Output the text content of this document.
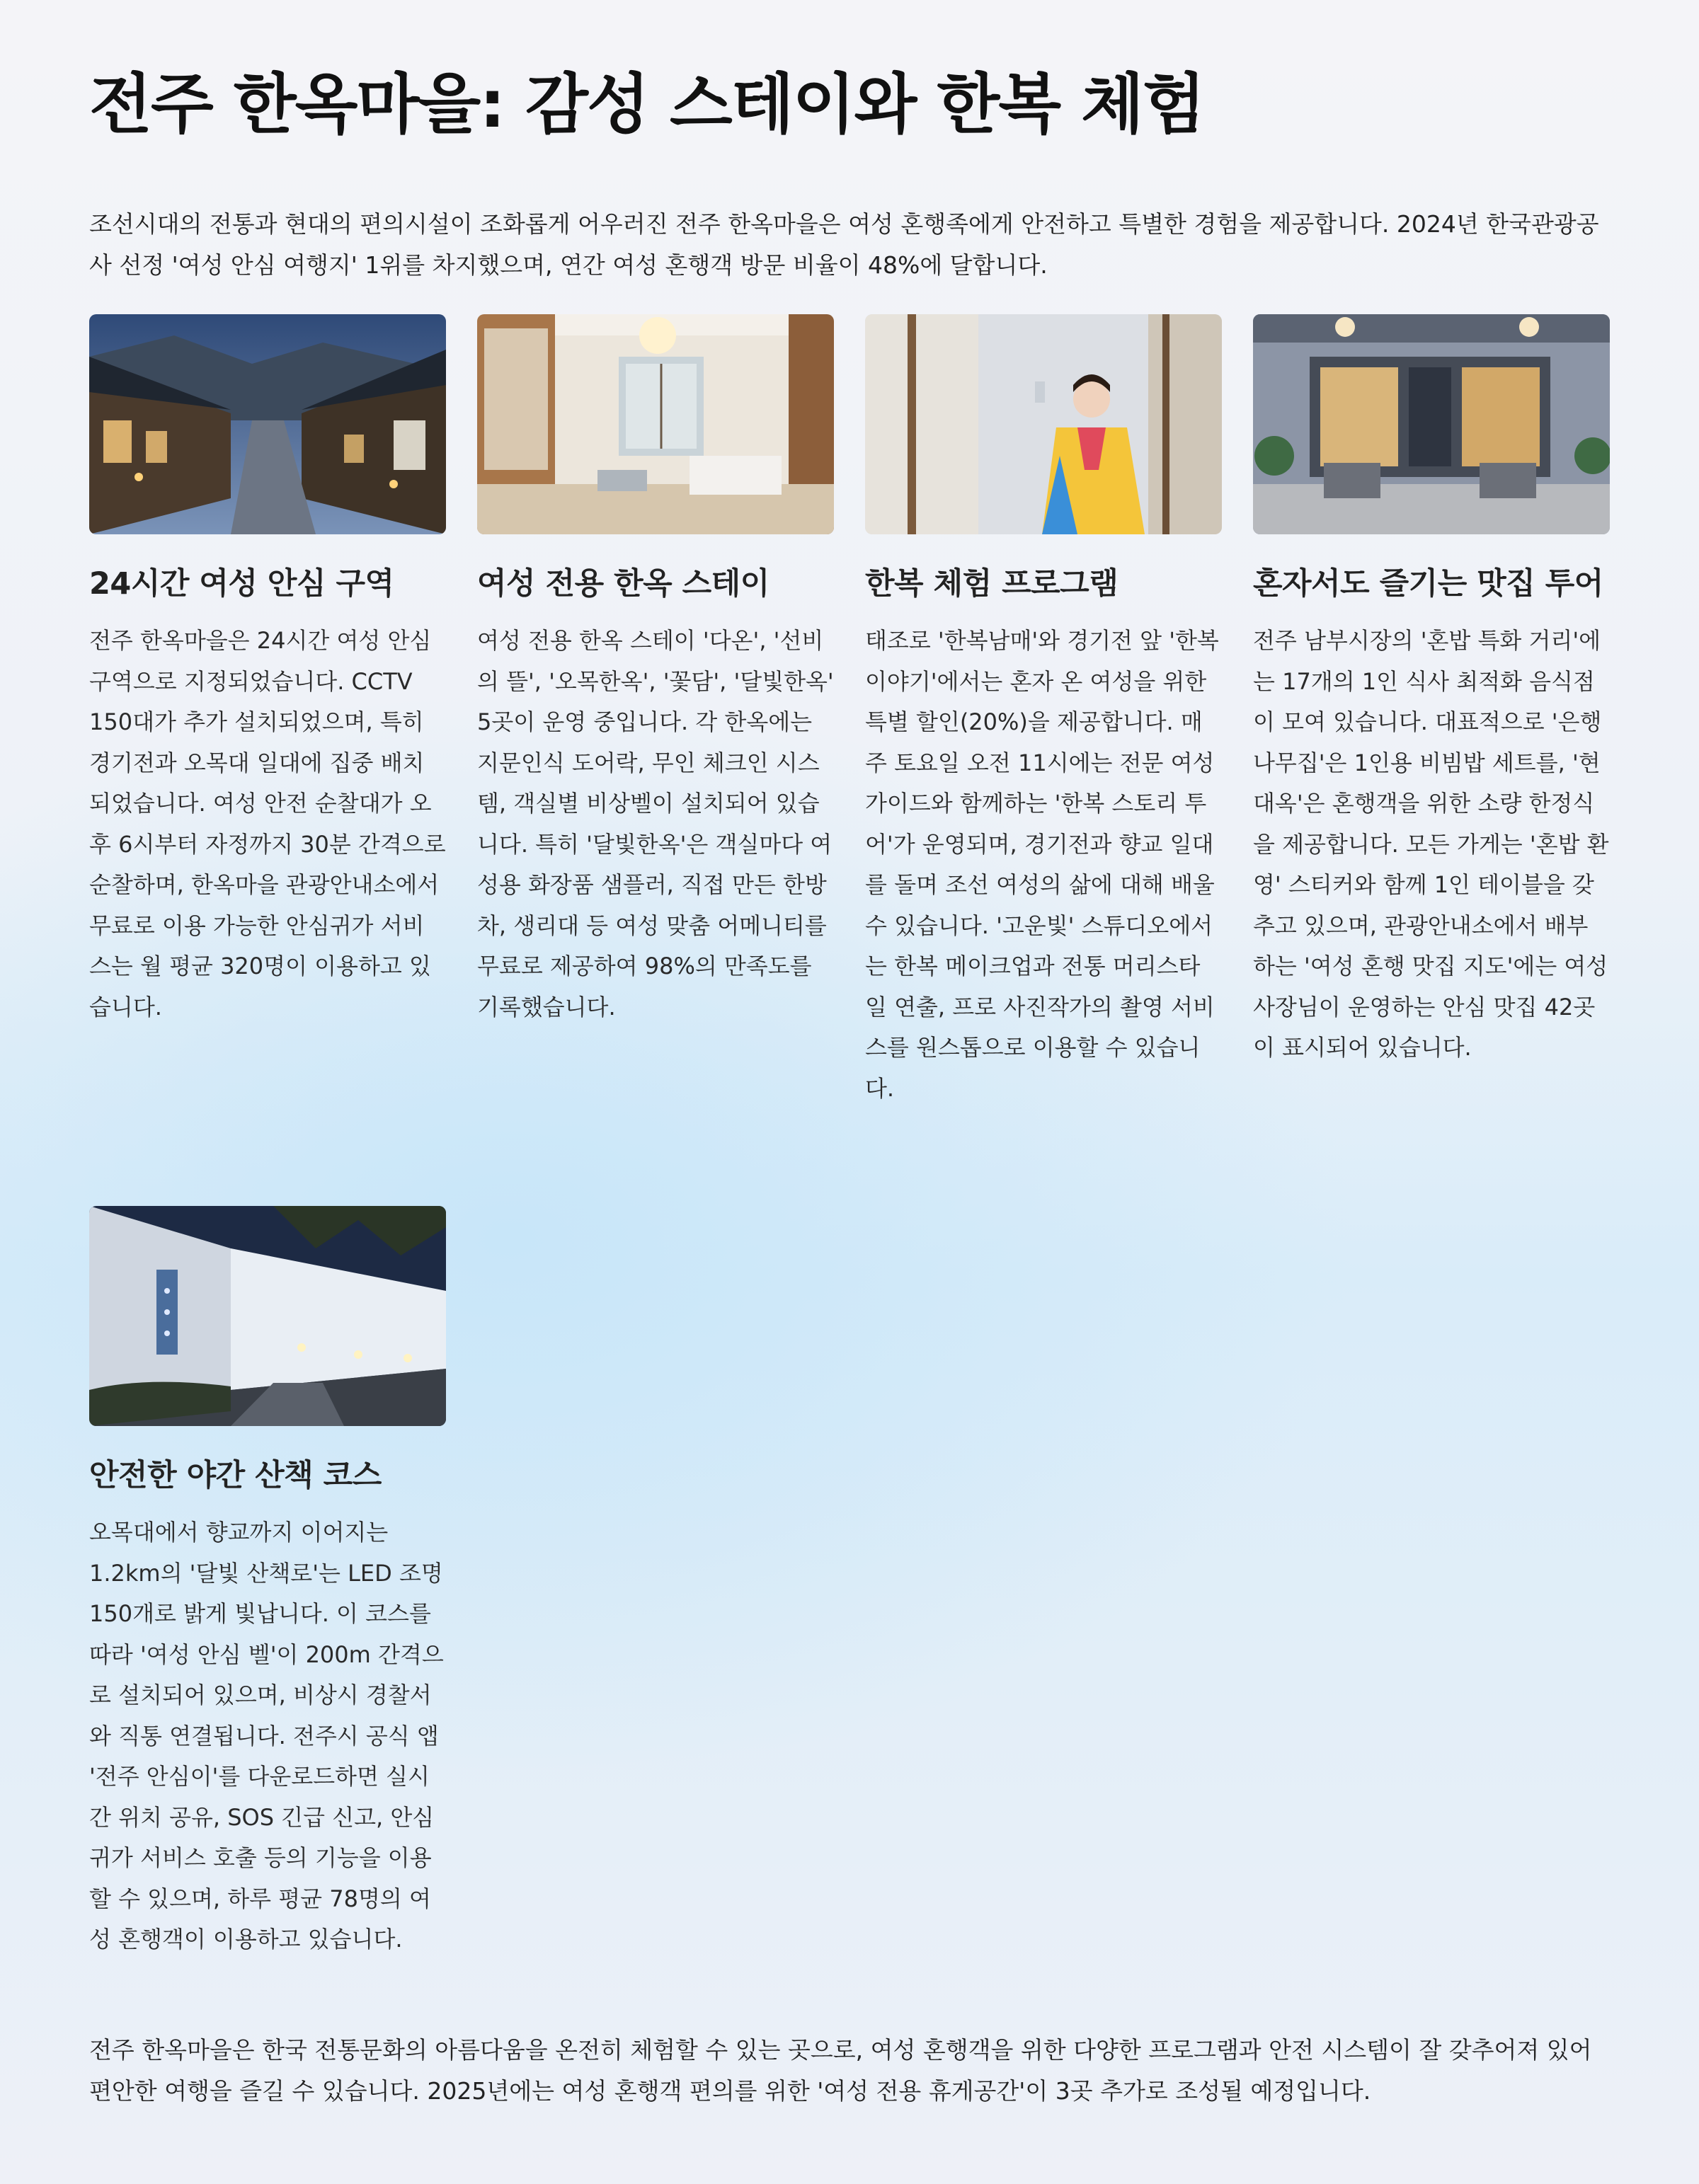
전주 한옥마을: 감성 스테이와 한복 체험

조선시대의 전통과 현대의 편의시설이 조화롭게 어우러진 전주 한옥마을은 여성 혼행족에게 안전하고 특별한 경험을 제공합니다. 2024년 한국관광공사 선정 '여성 안심 여행지' 1위를 차지했으며, 연간 여성 혼행객 방문 비율이 48%에 달합니다.

24시간 여성 안심 구역

전주 한옥마을은 24시간 여성 안심 구역으로 지정되었습니다. CCTV 150대가 추가 설치되었으며, 특히 경기전과 오목대 일대에 집중 배치되었습니다. 여성 안전 순찰대가 오후 6시부터 자정까지 30분 간격으로 순찰하며, 한옥마을 관광안내소에서 무료로 이용 가능한 안심귀가 서비스는 월 평균 320명이 이용하고 있습니다.

여성 전용 한옥 스테이

여성 전용 한옥 스테이 '다온', '선비의 뜰', '오목한옥', '꽃담', '달빛한옥' 5곳이 운영 중입니다. 각 한옥에는 지문인식 도어락, 무인 체크인 시스템, 객실별 비상벨이 설치되어 있습니다. 특히 '달빛한옥'은 객실마다 여성용 화장품 샘플러, 직접 만든 한방 차, 생리대 등 여성 맞춤 어메니티를 무료로 제공하여 98%의 만족도를 기록했습니다.

한복 체험 프로그램

태조로 '한복남매'와 경기전 앞 '한복이야기'에서는 혼자 온 여성을 위한 특별 할인(20%)을 제공합니다. 매주 토요일 오전 11시에는 전문 여성 가이드와 함께하는 '한복 스토리 투어'가 운영되며, 경기전과 향교 일대를 돌며 조선 여성의 삶에 대해 배울 수 있습니다. '고운빛' 스튜디오에서는 한복 메이크업과 전통 머리스타일 연출, 프로 사진작가의 촬영 서비스를 원스톱으로 이용할 수 있습니다.

혼자서도 즐기는 맛집 투어

전주 남부시장의 '혼밥 특화 거리'에는 17개의 1인 식사 최적화 음식점이 모여 있습니다. 대표적으로 '은행나무집'은 1인용 비빔밥 세트를, '현대옥'은 혼행객을 위한 소량 한정식을 제공합니다. 모든 가게는 '혼밥 환영' 스티커와 함께 1인 테이블을 갖추고 있으며, 관광안내소에서 배부하는 '여성 혼행 맛집 지도'에는 여성 사장님이 운영하는 안심 맛집 42곳이 표시되어 있습니다.

안전한 야간 산책 코스

오목대에서 향교까지 이어지는 1.2km의 '달빛 산책로'는 LED 조명 150개로 밝게 빛납니다. 이 코스를 따라 '여성 안심 벨'이 200m 간격으로 설치되어 있으며, 비상시 경찰서와 직통 연결됩니다. 전주시 공식 앱 '전주 안심이'를 다운로드하면 실시간 위치 공유, SOS 긴급 신고, 안심 귀가 서비스 호출 등의 기능을 이용할 수 있으며, 하루 평균 78명의 여성 혼행객이 이용하고 있습니다.

전주 한옥마을은 한국 전통문화의 아름다움을 온전히 체험할 수 있는 곳으로, 여성 혼행객을 위한 다양한 프로그램과 안전 시스템이 잘 갖추어져 있어 편안한 여행을 즐길 수 있습니다. 2025년에는 여성 혼행객 편의를 위한 '여성 전용 휴게공간'이 3곳 추가로 조성될 예정입니다.
